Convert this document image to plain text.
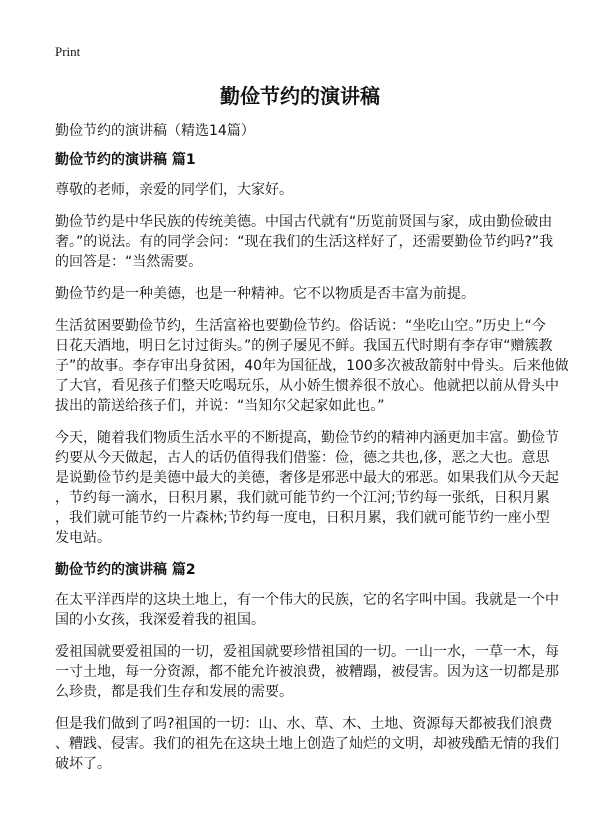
Print
勤俭节约的演讲稿
勤俭节约的演讲稿（精选14篇）
勤俭节约的演讲稿 篇1

尊敬的老师，亲爱的同学们，大家好。

勤俭节约是中华民族的传统美德。中国古代就有“历览前贤国与家，成由勤俭破由
奢。”的说法。有的同学会问：“现在我们的生活这样好了，还需要勤俭节约吗?”我
的回答是：“当然需要。

勤俭节约是一种美德，也是一种精神。它不以物质是否丰富为前提。

生活贫困要勤俭节约，生活富裕也要勤俭节约。俗话说：“坐吃山空。”历史上“今
日花天酒地，明日乞讨过街头。”的例子屡见不鲜。我国五代时期有李存审“赠簇教
子”的故事。李存审出身贫困，40年为国征战，100多次被敌箭射中骨头。后来他做
了大官，看见孩子们整天吃喝玩乐，从小娇生惯养很不放心。他就把以前从骨头中
拔出的箭送给孩子们，并说：“当知尔父起家如此也。”

今天，随着我们物质生活水平的不断提高，勤俭节约的精神内涵更加丰富。勤俭节
约要从今天做起，古人的话仍值得我们借鉴：俭，德之共也,侈，恶之大也。意思
是说勤俭节约是美德中最大的美德，奢侈是邪恶中最大的邪恶。如果我们从今天起
，节约每一滴水，日积月累，我们就可能节约一个江河;节约每一张纸，日积月累
，我们就可能节约一片森林;节约每一度电，日积月累，我们就可能节约一座小型
发电站。

勤俭节约的演讲稿 篇2

在太平洋西岸的这块土地上，有一个伟大的民族，它的名字叫中国。我就是一个中
国的小女孩，我深爱着我的祖国。

爱祖国就要爱祖国的一切，爱祖国就要珍惜祖国的一切。一山一水，一草一木，每
一寸土地，每一分资源，都不能允许被浪费，被糟蹋，被侵害。因为这一切都是那
么珍贵，都是我们生存和发展的需要。

但是我们做到了吗?祖国的一切：山、水、草、木、土地、资源每天都被我们浪费
、糟践、侵害。我们的祖先在这块土地上创造了灿烂的文明，却被残酷无情的我们
破坏了。
